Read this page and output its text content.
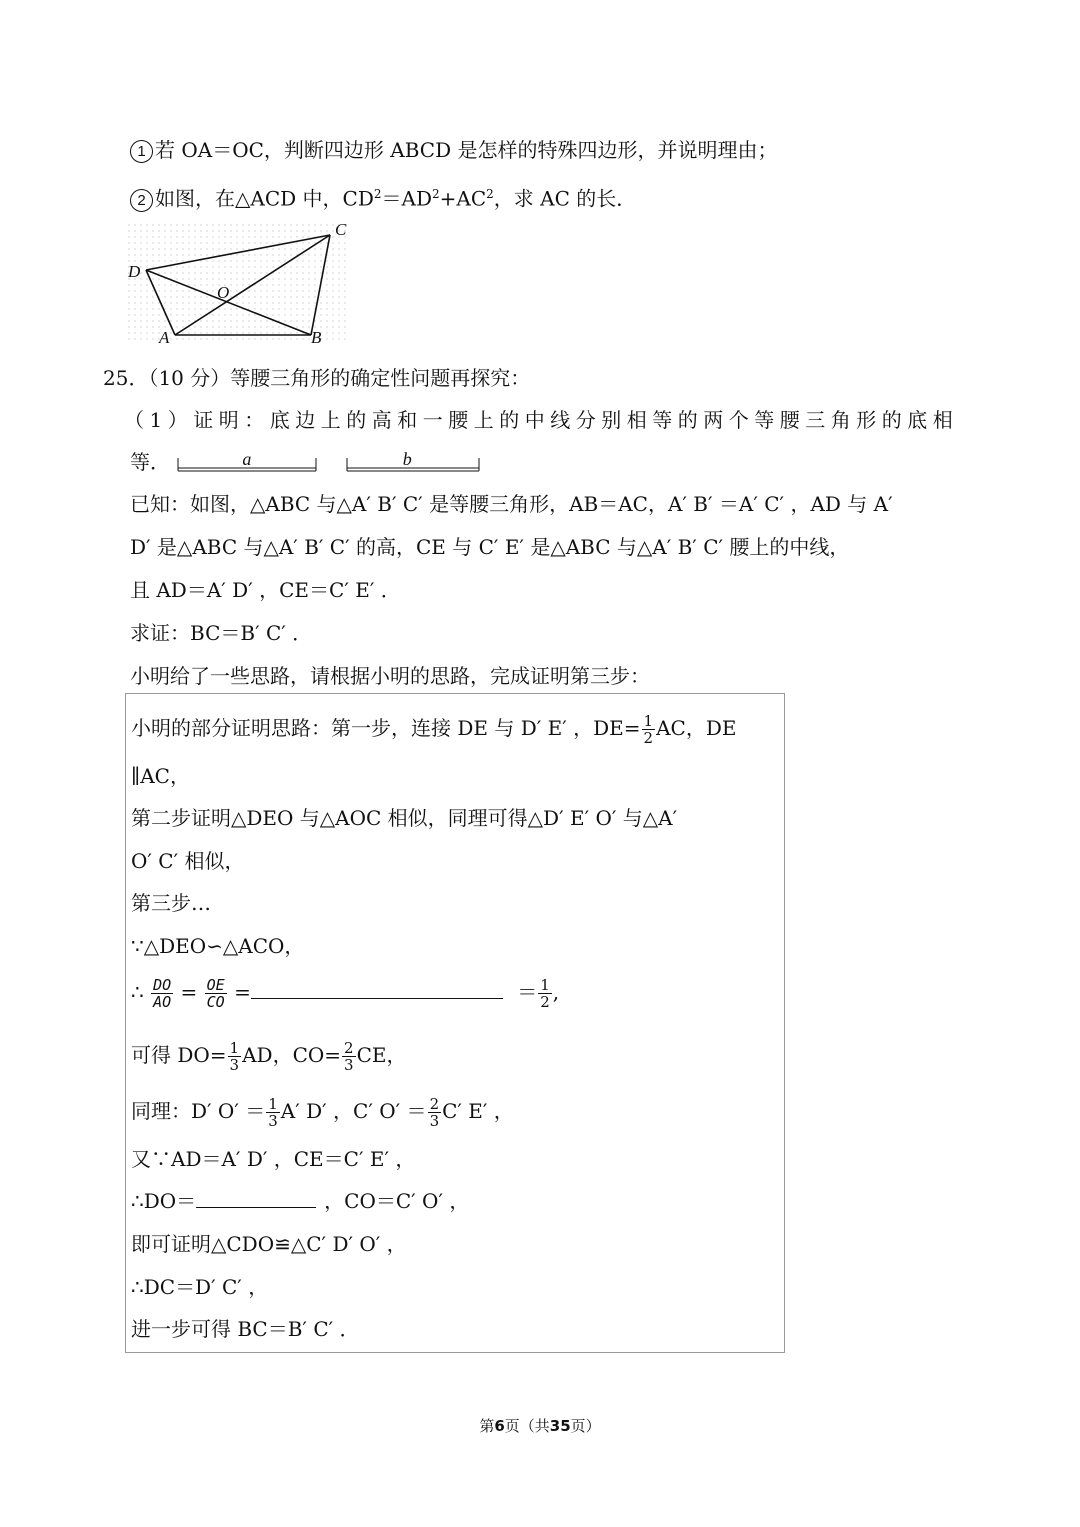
1 若 OA＝OC，判断四边形 ABCD 是怎样的特殊四边形，并说明理由；
2 如图，在△ACD 中，$CD^2=AD^2+AC^2$，求 AC 的长．
C
D
O
A	B
25．（10 分）等腰三角形的确定性问题再探究：
（1）证明：底边上的高和一腰上的中线分别相等的两个等腰三角形的底相
等．	a
	b
已知：如图，△ABC 与△A′ B′ C′ 是等腰三角形，AB＝AC，A′ B′ ＝A′ C′ ，AD 与 A′
D′ 是△ABC 与△A′ B′ C′ 的高，CE 与 C′ E′ 是△ABC 与△A′ B′ C′ 腰上的中线，
且 AD＝A′ D′ ，CE＝C′ E′ ．
求证：BC＝B′ C′ ．
小明给了一些思路，请根据小明的思路，完成证明第三步：
小明的部分证明思路：第一步，连接 DE 与 D′ E′ ，$DE= \frac{1}{2}$ AC，DE
∥AC，
第二步证明△DEO 与△AOC 相似，同理可得△D′ E′ O′ 与△A′
O′ C′ 相似，
第三步…
∵△DEO∽△ACO，
∴ $\frac{DO}{AO} = \frac{OE}{CO}$ =	＝ $\frac{1}{2}$ ,
可得 $DO= \frac{1}{3}$ AD，$CO= \frac{2}{3}$ CE，
同理：D′ $O' = \frac{1}{3} A'$ D′ ，C′ $O' = \frac{2}{3} C'$ E′ ，
又∵AD＝A′ D′ ，CE＝C′ E′ ，
∴DO＝	，CO＝C′ O′ ，
即可证明△CDO≌△C′ D′ O′ ，
∴DC＝D′ C′ ，
进一步可得 BC＝B′ C′ ．
第6页（共35页）
